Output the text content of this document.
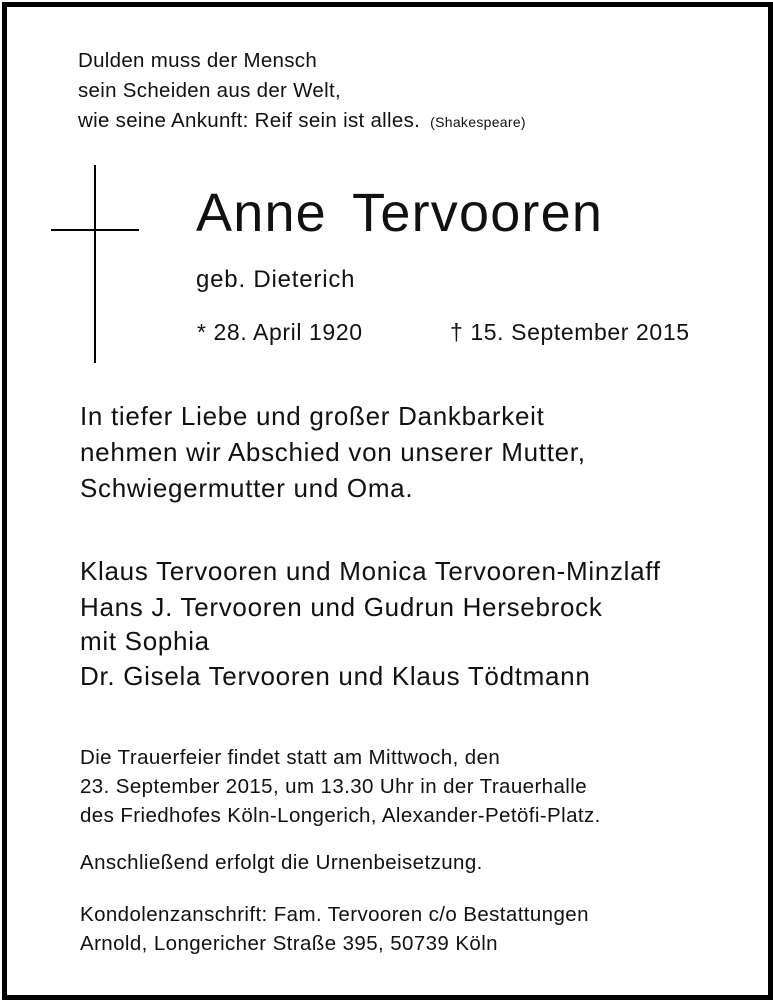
Dulden muss der Mensch
sein Scheiden aus der Welt,
wie seine Ankunft: Reif sein ist alles. (Shakespeare)
Anne Tervooren
geb. Dieterich
* 28. April 1920	† 15. September 2015
In tiefer Liebe und großer Dankbarkeit
nehmen wir Abschied von unserer Mutter,
Schwiegermutter und Oma.
Klaus Tervooren und Monica Tervooren-Minzlaff
Hans J. Tervooren und Gudrun Hersebrock
mit Sophia
Dr. Gisela Tervooren und Klaus Tödtmann
Die Trauerfeier findet statt am Mittwoch, den
23. September 2015, um 13.30 Uhr in der Trauerhalle
des Friedhofes Köln-Longerich, Alexander-Petöfi-Platz.
Anschließend erfolgt die Urnenbeisetzung.
Kondolenzanschrift: Fam. Tervooren c/o Bestattungen
Arnold, Longericher Straße 395, 50739 Köln
